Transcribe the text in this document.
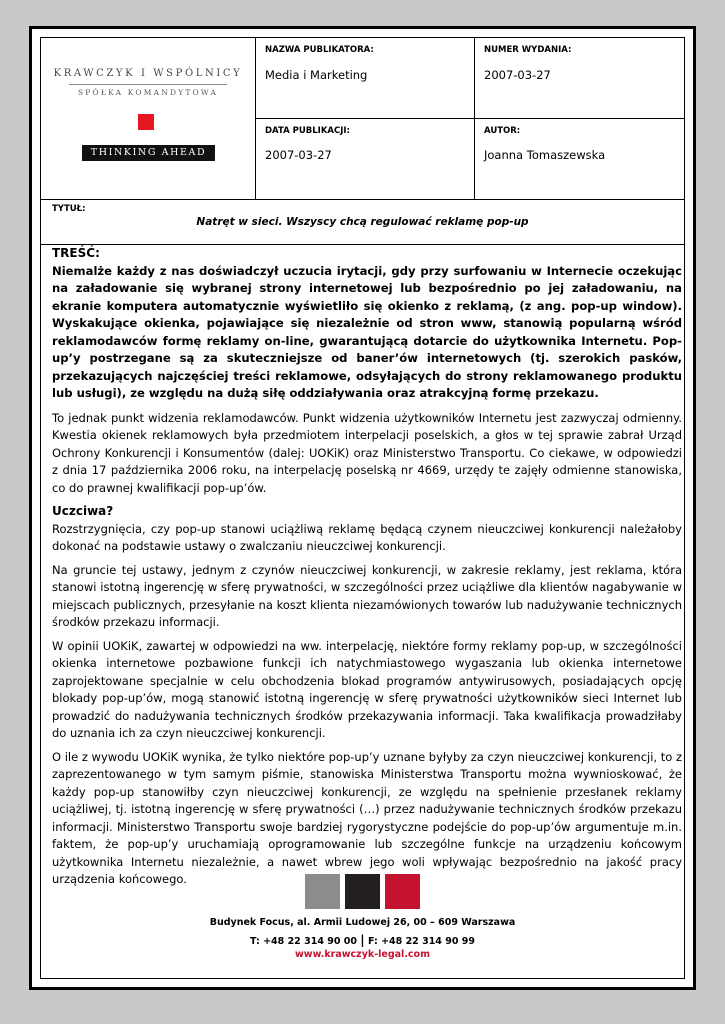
KRAWCZYK I WSPÓLNICY
SPÓŁKA KOMANDYTOWA
THINKING AHEAD
NAZWA PUBLIKATORA:
Media i Marketing
NUMER WYDANIA:
2007-03-27
DATA PUBLIKACJI:
2007-03-27
AUTOR:
Joanna Tomaszewska
TYTUŁ:
Natręt w sieci. Wszyscy chcą regulować reklamę pop-up

TREŚĆ:

Niemalże każdy z nas doświadczył uczucia irytacji, gdy przy surfowaniu w Internecie oczekując na załadowanie się wybranej strony internetowej lub bezpośrednio po jej załadowaniu, na ekranie komputera automatycznie wyświetliło się okienko z reklamą, (z ang. pop-up window). Wyskakujące okienka, pojawiające się niezależnie od stron www, stanowią popularną wśród reklamodawców formę reklamy on-line, gwarantującą dotarcie do użytkownika Internetu. Pop-up’y postrzegane są za skuteczniejsze od baner’ów internetowych (tj. szerokich pasków, przekazujących najczęściej treści reklamowe, odsyłających do strony reklamowanego produktu lub usługi), ze względu na dużą siłę oddziaływania oraz atrakcyjną formę przekazu.

To jednak punkt widzenia reklamodawców. Punkt widzenia użytkowników Internetu jest zazwyczaj odmienny. Kwestia okienek reklamowych była przedmiotem interpelacji poselskich, a głos w tej sprawie zabrał Urząd Ochrony Konkurencji i Konsumentów (dalej: UOKiK) oraz Ministerstwo Transportu. Co ciekawe, w odpowiedzi z dnia 17 października 2006 roku, na interpelację poselską nr 4669, urzędy te zajęły odmienne stanowiska, co do prawnej kwalifikacji pop-up’ów.

Uczciwa?

Rozstrzygnięcia, czy pop-up stanowi uciążliwą reklamę będącą czynem nieuczciwej konkurencji należałoby dokonać na podstawie ustawy o zwalczaniu nieuczciwej konkurencji.

Na gruncie tej ustawy, jednym z czynów nieuczciwej konkurencji, w zakresie reklamy, jest reklama, która stanowi istotną ingerencję w sferę prywatności, w szczególności przez uciążliwe dla klientów nagabywanie w miejscach publicznych, przesyłanie na koszt klienta niezamówionych towarów lub nadużywanie technicznych środków przekazu informacji.

W opinii UOKiK, zawartej w odpowiedzi na ww. interpelację, niektóre formy reklamy pop-up, w szczególności okienka internetowe pozbawione funkcji ich natychmiastowego wygaszania lub okienka internetowe zaprojektowane specjalnie w celu obchodzenia blokad programów antywirusowych, posiadających opcję blokady pop-up’ów, mogą stanowić istotną ingerencję w sferę prywatności użytkowników sieci Internet lub prowadzić do nadużywania technicznych środków przekazywania informacji. Taka kwalifikacja prowadziłaby do uznania ich za czyn nieuczciwej konkurencji.

O ile z wywodu UOKiK wynika, że tylko niektóre pop-up’y uznane byłyby za czyn nieuczciwej konkurencji, to z zaprezentowanego w tym samym piśmie, stanowiska Ministerstwa Transportu można wywnioskować, że każdy pop-up stanowiłby czyn nieuczciwej konkurencji, ze względu na spełnienie przesłanek reklamy uciążliwej, tj. istotną ingerencję w sferę prywatności (…) przez nadużywanie technicznych środków przekazu informacji. Ministerstwo Transportu swoje bardziej rygorystyczne podejście do pop-up’ów argumentuje m.in. faktem, że pop-up’y uruchamiają oprogramowanie lub szczególne funkcje na urządzeniu końcowym użytkownika Internetu niezależnie, a nawet wbrew jego woli wpływając bezpośrednio na jakość pracy urządzenia końcowego.

Budynek Focus, al. Armii Ludowej 26, 00 – 609 Warszawa
T: +48 22 314 90 00 | F: +48 22 314 90 99
www.krawczyk-legal.com
